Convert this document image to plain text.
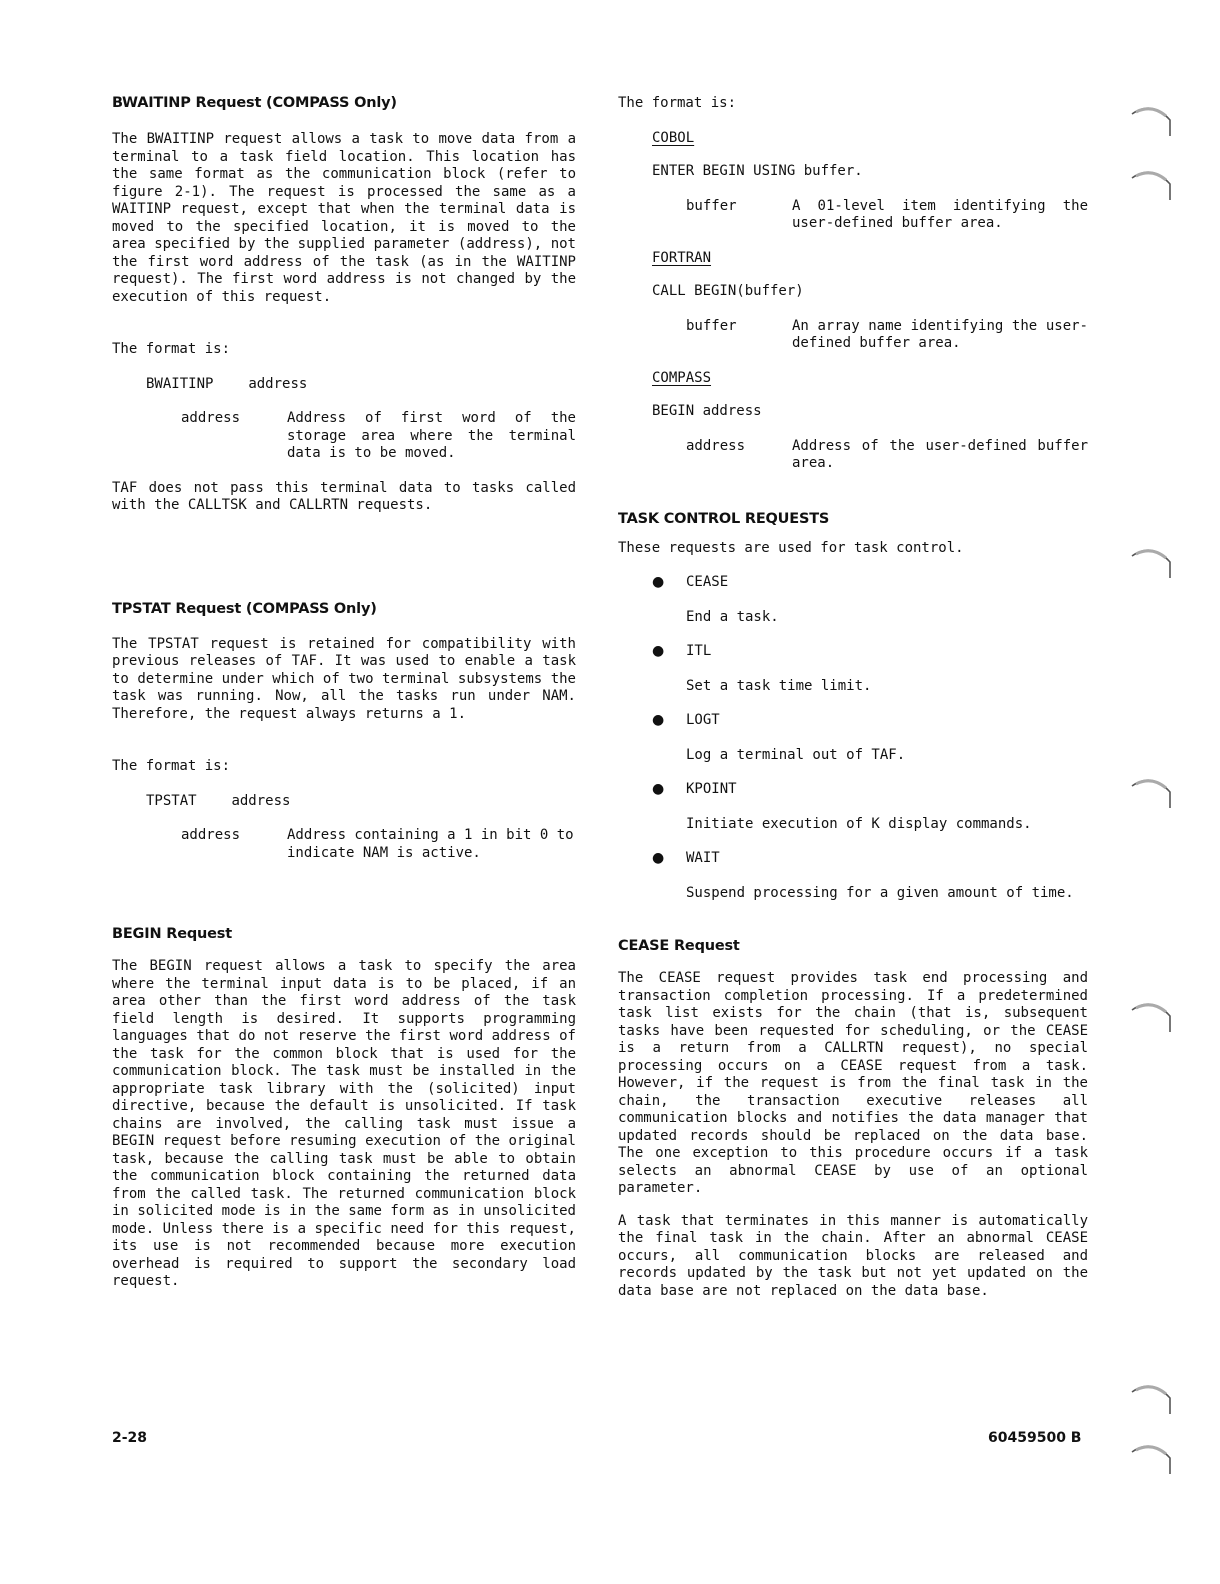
BWAITINP Request (COMPASS Only)

The BWAITINP request allows a task to move data from a terminal to a task field location. This location has the same format as the communication block (refer to figure 2-1). The request is processed the same as a WAITINP request, except that when the terminal data is moved to the specified location, it is moved to the area specified by the supplied parameter (address), not the first word address of the task (as in the WAITINP request). The first word address is not changed by the execution of this request.

The format is:
BWAITINP address
address	Address of first word of the storage area where the terminal data is to be moved.

TAF does not pass this terminal data to tasks called with the CALLTSK and CALLRTN requests.

TPSTAT Request (COMPASS Only)

The TPSTAT request is retained for compatibility with previous releases of TAF. It was used to enable a task to determine under which of two terminal subsystems the task was running. Now, all the tasks run under NAM. Therefore, the request always returns a 1.

The format is:
TPSTAT address
address	Address containing a 1 in bit 0 to indicate NAM is active.
BEGIN Request

The BEGIN request allows a task to specify the area where the terminal input data is to be placed, if an area other than the first word address of the task field length is desired. It supports programming languages that do not reserve the first word address of the task for the common block that is used for the communication block. The task must be installed in the appropriate task library with the (solicited) input directive, because the default is unsolicited. If task chains are involved, the calling task must issue a BEGIN request before resuming execution of the original task, because the calling task must be able to obtain the communication block containing the returned data from the called task. The returned communication block in solicited mode is in the same form as in unsolicited mode. Unless there is a specific need for this request, its use is not recommended because more execution overhead is required to support the secondary load request.

The format is:
COBOL
ENTER BEGIN USING buffer.
buffer	A 01-level item identifying the user-defined buffer area.
FORTRAN
CALL BEGIN(buffer)
buffer	An array name identifying the user-defined buffer area.
COMPASS
BEGIN address
address	Address of the user-defined buffer area.
TASK CONTROL REQUESTS
These requests are used for task control.
●	CEASE
End a task.
●	ITL
Set a task time limit.
●	LOGT
Log a terminal out of TAF.
●	KPOINT
Initiate execution of K display commands.
●	WAIT
Suspend processing for a given amount of time.
CEASE Request

The CEASE request provides task end processing and transaction completion processing. If a predetermined task list exists for the chain (that is, subsequent tasks have been requested for scheduling, or the CEASE is a return from a CALLRTN request), no special processing occurs on a CEASE request from a task. However, if the request is from the final task in the chain, the transaction executive releases all communication blocks and notifies the data manager that updated records should be replaced on the data base. The one exception to this procedure occurs if a task selects an abnormal CEASE by use of an optional parameter.

A task that terminates in this manner is automatically the final task in the chain. After an abnormal CEASE occurs, all communication blocks are released and records updated by the task but not yet updated on the data base are not replaced on the data base.

2-28	60459500 B
